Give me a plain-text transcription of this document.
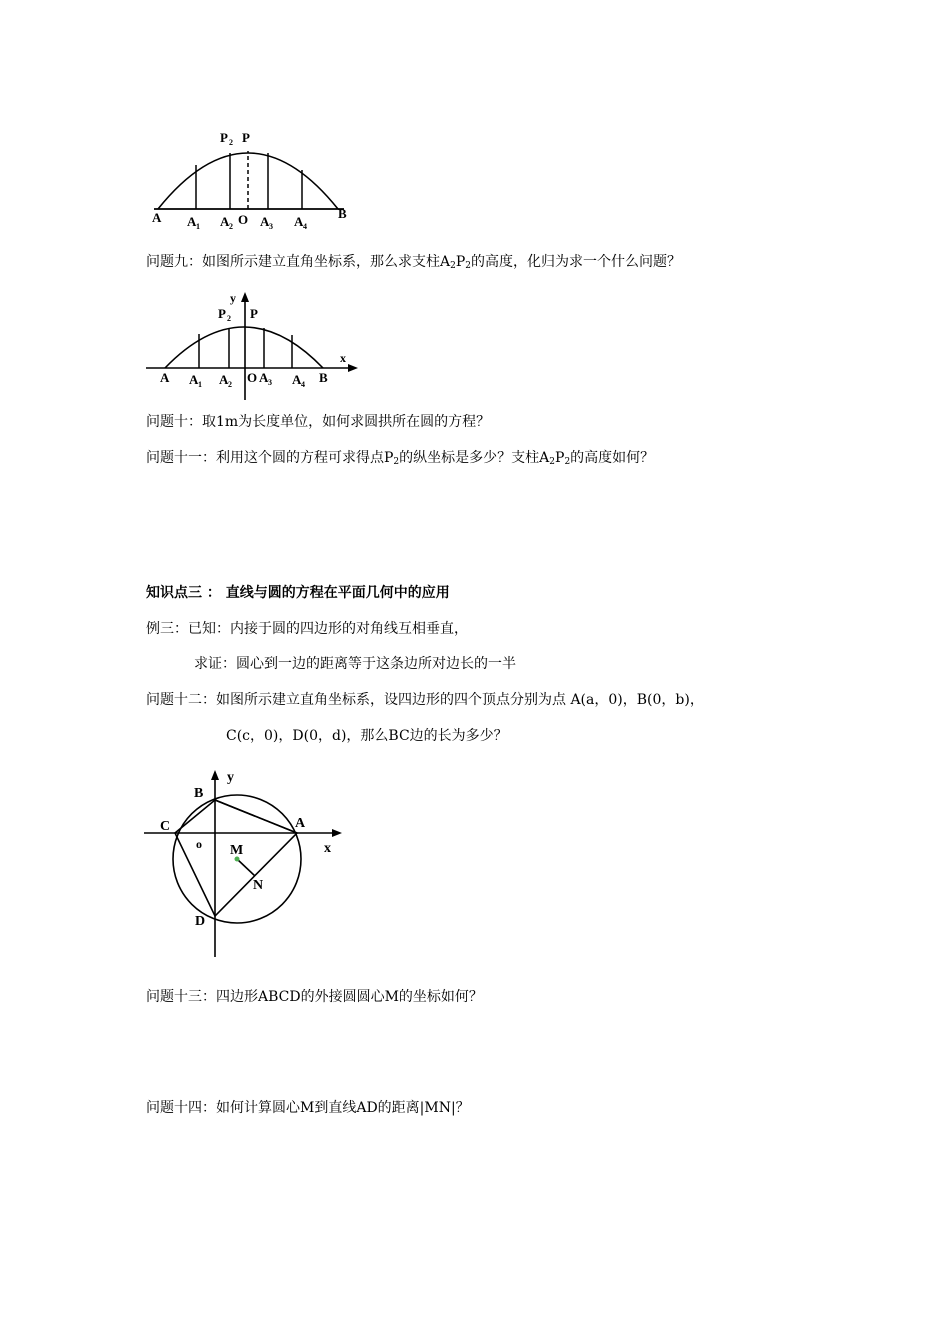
P 2 P
A A 1 A 2 O A 3 A 4
B
问题九：如图所示建立直角坐标系，那么求支柱$A_2P_2$的高度，化归为求一个什么问题？
y
x
P 2 P
A A 1 A 2 O A 3 A 4 B
问题十：取1m为长度单位，如何求圆拱所在圆的方程？
问题十一：利用这个圆的方程可求得点$P_2$的纵坐标是多少？支柱$A_2P_2$的高度如何？
知识点三 ： 直线与圆的方程在平面几何中的应用
例三：已知：内接于圆的四边形的对角线互相垂直，
求证：圆心到一边的距离等于这条边所对边长的一半
问题十二：如图所示建立直角坐标系，设四边形的四个顶点分别为点 A(a，0)，B(0，b)，
C(c，0)，D(0，d)，那么BC边的长为多少？
y
x
B
C	A
o M
N
D
问题十三：四边形ABCD的外接圆圆心M的坐标如何？
问题十四：如何计算圆心M到直线AD的距离|MN|？
